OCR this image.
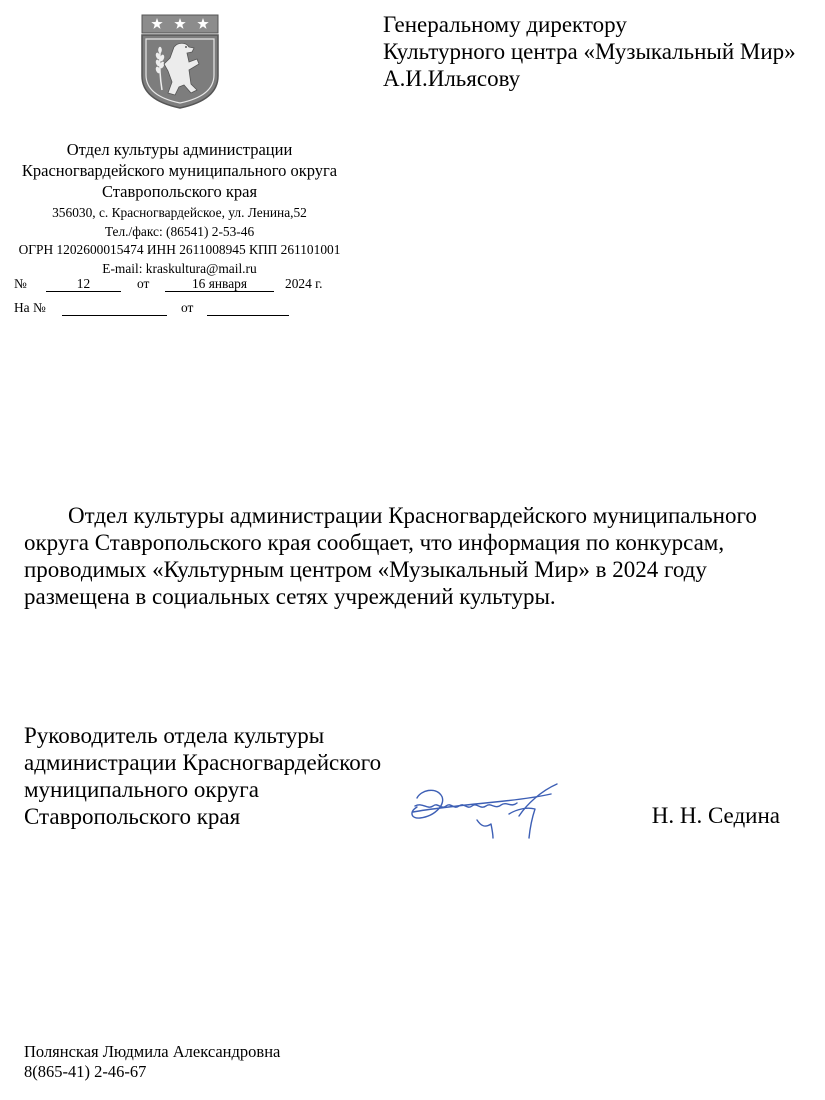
Генеральному директору
Культурного центра «Музыкальный Мир»
А.И.Ильясову
Отдел культуры администрации
Красногвардейского муниципального округа
Ставропольского края
356030, с. Красногвардейское, ул. Ленина,52
Тел./факс: (86541) 2-53-46
ОГРН 1202600015474 ИНН 2611008945 КПП 261101001
E-mail: kraskultura@mail.ru
№	12	от	16 января	2024 г.
На №	от
Отдел культуры администрации Красногвардейского муниципального
округа Ставропольского края сообщает, что информация по конкурсам,
проводимых «Культурным центром «Музыкальный Мир» в 2024 году
размещена в социальных сетях учреждений культуры.
Руководитель отдела культуры
администрации Красногвардейского
муниципального округа
Ставропольского края	Н. Н. Седина
Полянская Людмила Александровна
8(865-41) 2-46-67
